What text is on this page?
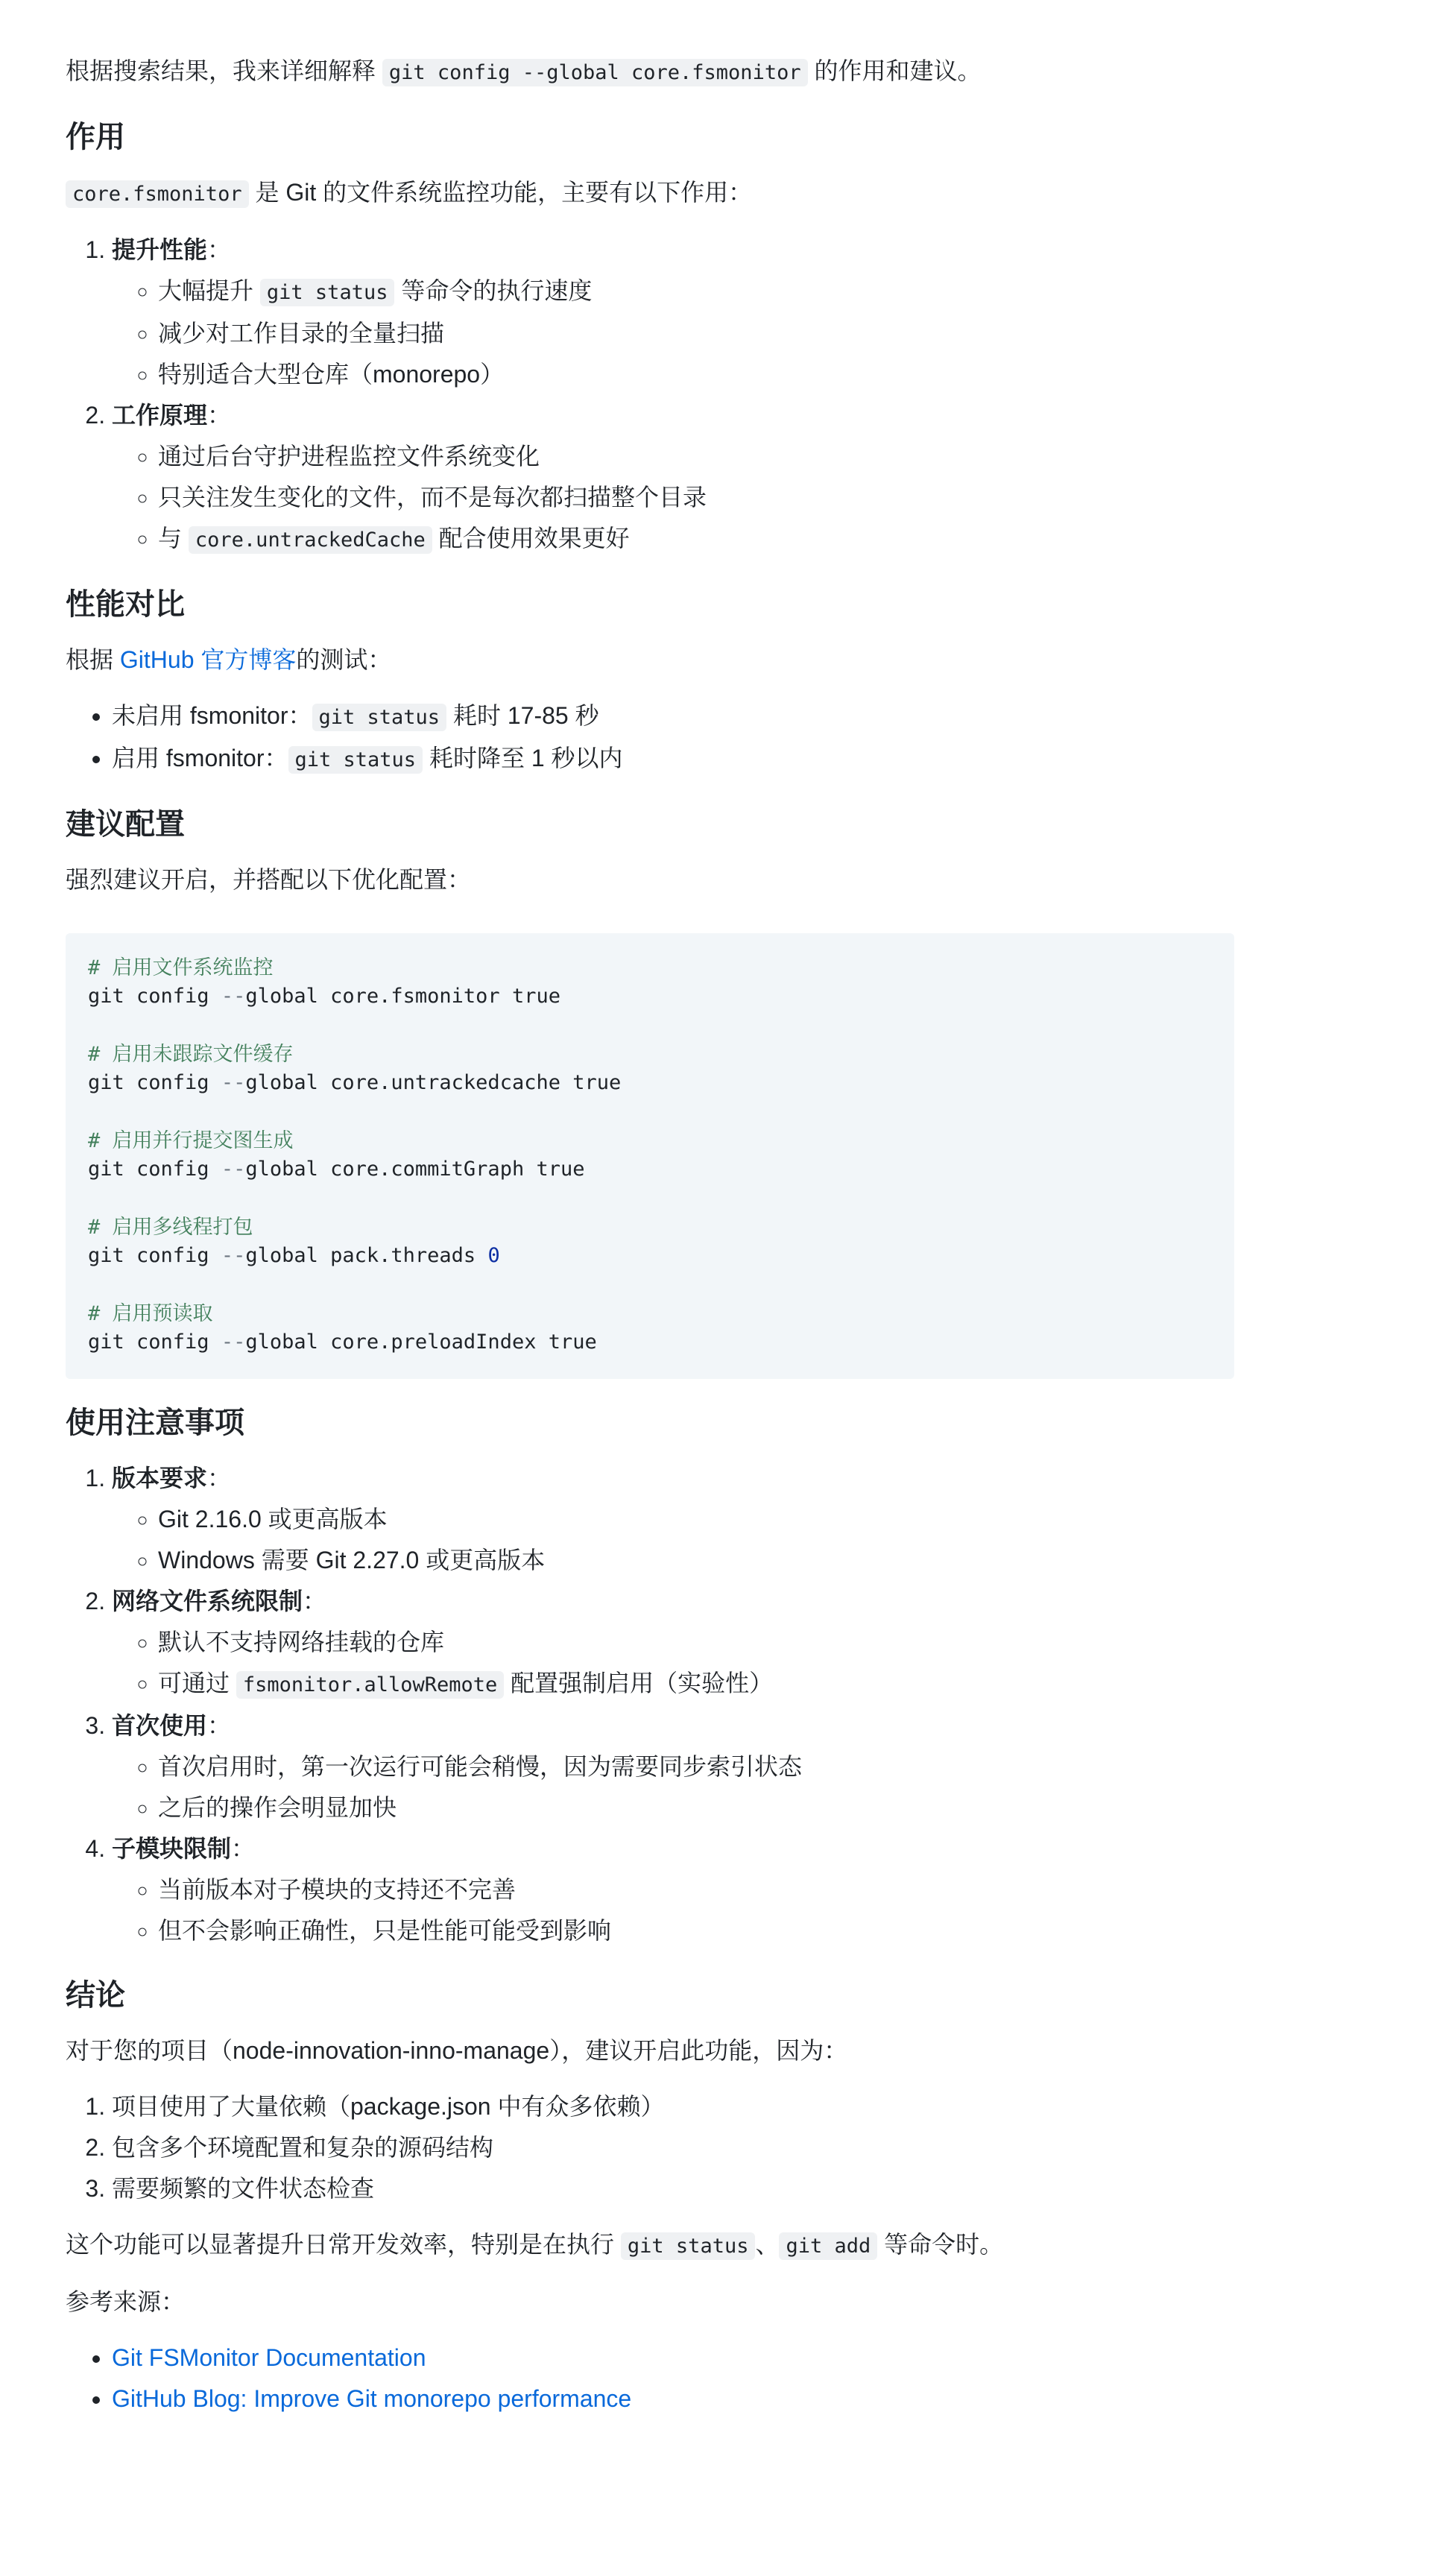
根据搜索结果，我来详细解释 git config --global core.fsmonitor 的作用和建议。

作用

core.fsmonitor 是 Git 的文件系统监控功能，主要有以下作用：

1. 提升性能：
◦ 大幅提升 git status 等命令的执行速度
◦ 减少对工作目录的全量扫描
◦ 特别适合大型仓库（monorepo）
2. 工作原理：
◦ 通过后台守护进程监控文件系统变化
◦ 只关注发生变化的文件，而不是每次都扫描整个目录
◦ 与 core.untrackedCache 配合使用效果更好
性能对比

根据 GitHub 官方博客的测试：

• 未启用 fsmonitor： git status 耗时 17-85 秒
• 启用 fsmonitor： git status 耗时降至 1 秒以内
建议配置

强烈建议开启，并搭配以下优化配置：

# 启用文件系统监控
git config --global core.fsmonitor true
# 启用未跟踪文件缓存
git config --global core.untrackedcache true
# 启用并行提交图生成
git config --global core.commitGraph true
# 启用多线程打包
git config --global pack.threads 0
# 启用预读取
git config --global core.preloadIndex true
使用注意事项
1. 版本要求：
◦ Git 2.16.0 或更高版本
◦ Windows 需要 Git 2.27.0 或更高版本
2. 网络文件系统限制：
◦ 默认不支持网络挂载的仓库
◦ 可通过 fsmonitor.allowRemote 配置强制启用（实验性）
3. 首次使用：
◦ 首次启用时，第一次运行可能会稍慢，因为需要同步索引状态
◦ 之后的操作会明显加快
4. 子模块限制：
◦ 当前版本对子模块的支持还不完善
◦ 但不会影响正确性，只是性能可能受到影响
结论

对于您的项目（node-innovation-inno-manage），建议开启此功能，因为：

1. 项目使用了大量依赖（package.json 中有众多依赖）
2. 包含多个环境配置和复杂的源码结构
3. 需要频繁的文件状态检查

这个功能可以显著提升日常开发效率，特别是在执行 git status 、 git add 等命令时。

参考来源：

• Git FSMonitor Documentation
• GitHub Blog: Improve Git monorepo performance
